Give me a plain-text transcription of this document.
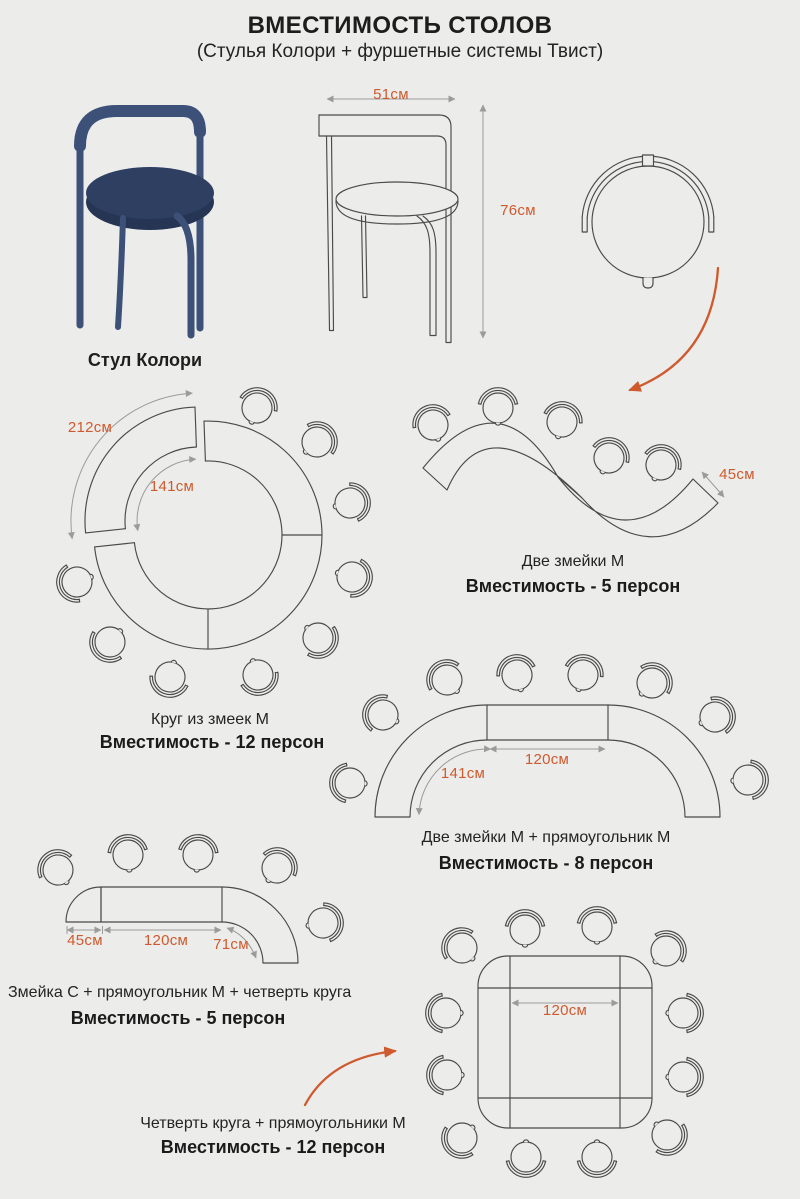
ВМЕСТИМОСТЬ СТОЛОВ
(Стулья Колори + фуршетные системы Твист)
Стул Колори
51см
76см
212см
141см
Круг из змеек М
Вместимость - 12 персон
45см
Две змейки М
Вместимость - 5 персон
120см
141см
Две змейки М + прямоугольник М
Вместимость - 8 персон
45см	120см	71см
Змейка С + прямоугольник М + четверть круга
Вместимость - 5 персон	120см
Четверть круга + прямоугольники М
Вместимость - 12 персон
